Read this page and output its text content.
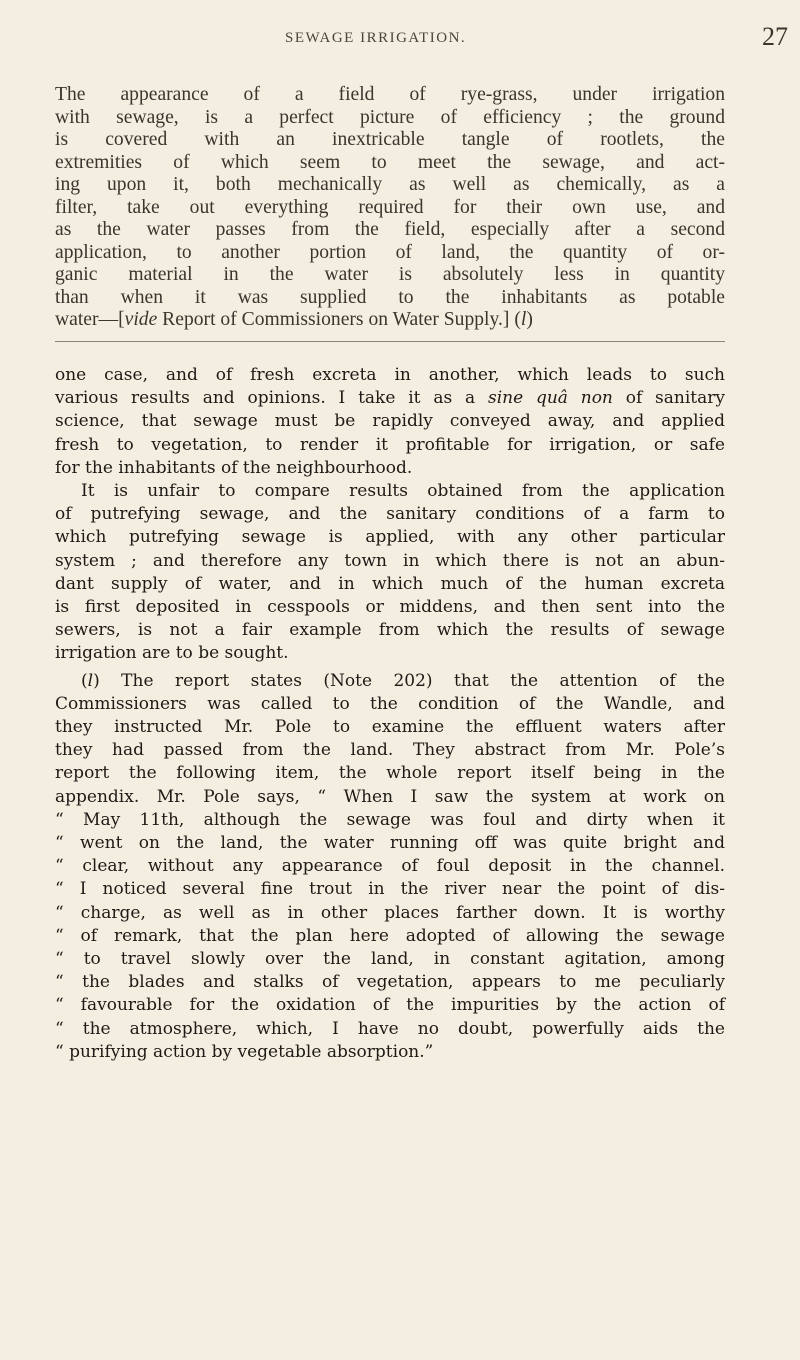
SEWAGE IRRIGATION.	27

The appearance of a field of rye-grass, under irrigation
with sewage, is a perfect picture of efficiency ; the ground
is covered with an inextricable tangle of rootlets, the
extremities of which seem to meet the sewage, and act-
ing upon it, both mechanically as well as chemically, as a
filter, take out everything required for their own use, and
as the water passes from the field, especially after a second
application, to another portion of land, the quantity of or-
ganic material in the water is absolutely less in quantity
than when it was supplied to the inhabitants as potable
water—[vide Report of Commissioners on Water Supply.] (l)

one case, and of fresh excreta in another, which leads to such
various results and opinions. I take it as a sine quâ non of sanitary
science, that sewage must be rapidly conveyed away, and applied
fresh to vegetation, to render it profitable for irrigation, or safe
for the inhabitants of the neighbourhood.

It is unfair to compare results obtained from the application
of putrefying sewage, and the sanitary conditions of a farm to
which putrefying sewage is applied, with any other particular
system ; and therefore any town in which there is not an abun-
dant supply of water, and in which much of the human excreta
is first deposited in cesspools or middens, and then sent into the
sewers, is not a fair example from which the results of sewage
irrigation are to be sought.

(l) The report states (Note 202) that the attention of the
Commissioners was called to the condition of the Wandle, and
they instructed Mr. Pole to examine the effluent waters after
they had passed from the land. They abstract from Mr. Pole’s
report the following item, the whole report itself being in the
appendix. Mr. Pole says, “ When I saw the system at work on
“ May 11th, although the sewage was foul and dirty when it
“ went on the land, the water running off was quite bright and
“ clear, without any appearance of foul deposit in the channel.
“ I noticed several fine trout in the river near the point of dis-
“ charge, as well as in other places farther down. It is worthy
“ of remark, that the plan here adopted of allowing the sewage
“ to travel slowly over the land, in constant agitation, among
“ the blades and stalks of vegetation, appears to me peculiarly
“ favourable for the oxidation of the impurities by the action of
“ the atmosphere, which, I have no doubt, powerfully aids the
“ purifying action by vegetable absorption.”
